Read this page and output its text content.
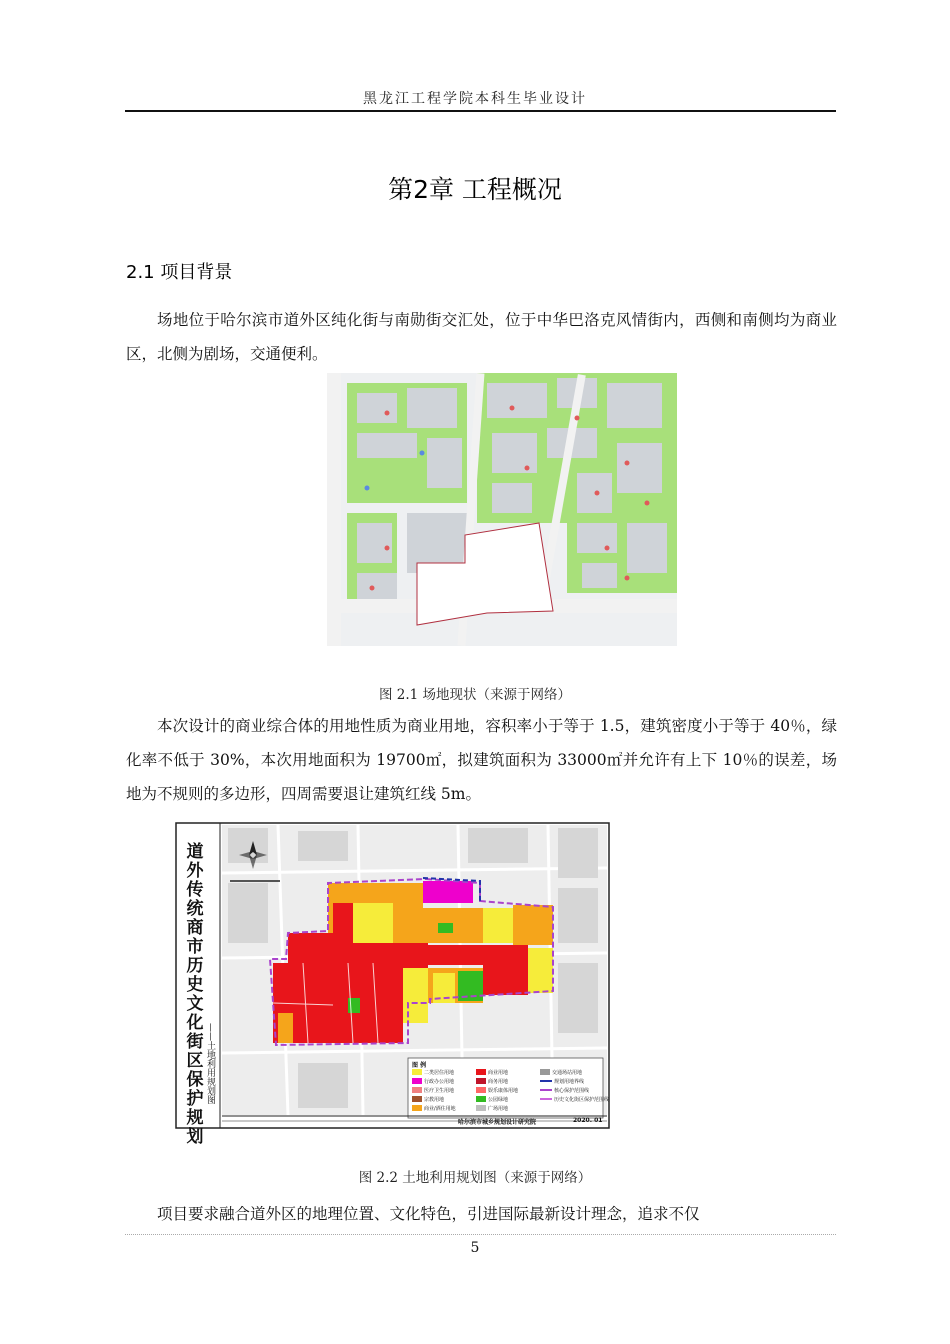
黑龙江工程学院本科生毕业设计
第2章 工程概况
2.1 项目背景
场地位于哈尔滨市道外区纯化街与南勋街交汇处，位于中华巴洛克风情街内，西侧和南侧均为商业区，北侧为剧场，交通便利。
图 2.1 场地现状（来源于网络）
本次设计的商业综合体的用地性质为商业用地，容积率小于等于 1.5，建筑密度小于等于 40％，绿化率不低于 30%，本次用地面积为 19700㎡，拟建筑面积为 33000㎡并允许有上下 10％的误差，场地为不规则的多边形，四周需要退让建筑红线 5m。
道外传统商市历史文化街区保护规划
——土地利用规划图	图 例
二类居住用地
行政办公用地
医疗卫生用地
宗教用地
商业/酒住用地
商业用地
商务用地
娱乐康体用地
公园绿地
广场用地
交通场站用地
规划用地界线
核心保护范围线
历史文化街区保护范围线
哈尔滨市城乡规划设计研究院	2020. 01
图 2.2 土地利用规划图（来源于网络）
项目要求融合道外区的地理位置、文化特色，引进国际最新设计理念，追求不仅
5
